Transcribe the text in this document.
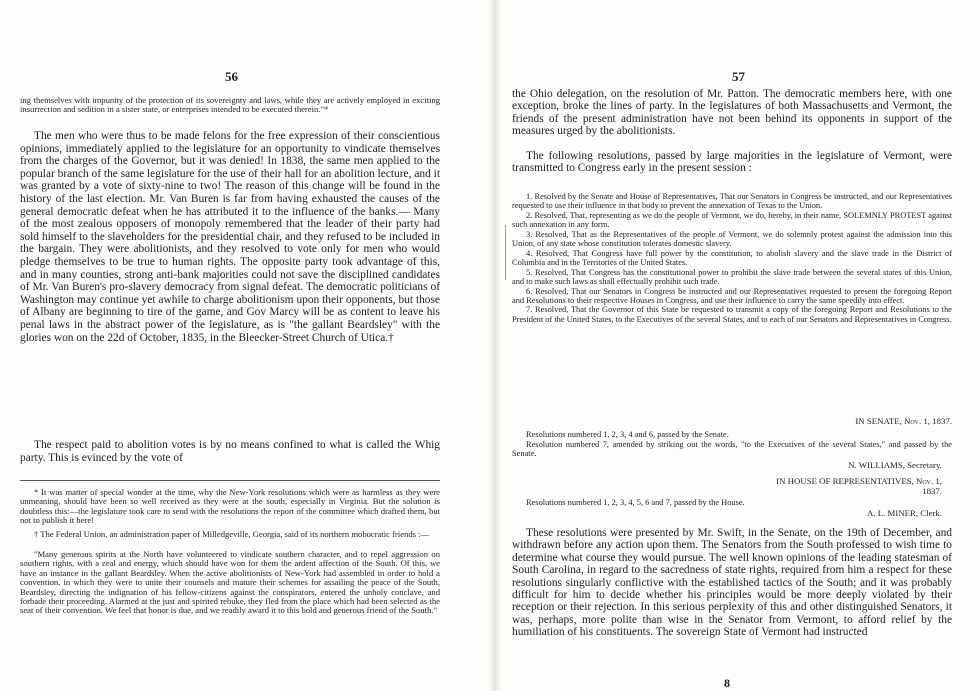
56

ing themselves with impunity of the protection of its sovereignty and laws, while they are actively employed in exciting insurrection and sedition in a sister state, or enterprises intended to be executed therein."*

The men who were thus to be made felons for the free expression of their conscientious opinions, immediately applied to the legislature for an opportunity to vindicate themselves from the charges of the Governor, but it was denied! In 1838, the same men applied to the popular branch of the same legislature for the use of their hall for an abolition lecture, and it was granted by a vote of sixty-nine to two! The reason of this change will be found in the history of the last election. Mr. Van Buren is far from having exhausted the causes of the general democratic defeat when he has attributed it to the influence of the banks.— Many of the most zealous opposers of monopoly remembered that the leader of their party had sold himself to the slaveholders for the presidential chair, and they refused to be included in the bargain. They were abolitionists, and they resolved to vote only for men who would pledge themselves to be true to human rights. The opposite party took advantage of this, and in many counties, strong anti-bank majorities could not save the disciplined candidates of Mr. Van Buren's pro-slavery democracy from signal defeat. The democratic politicians of Washington may continue yet awhile to charge abolitionism upon their opponents, but those of Albany are beginning to tire of the game, and Gov Marcy will be as content to leave his penal laws in the abstract power of the legislature, as is "the gallant Beardsley" with the glories won on the 22d of October, 1835, in the Bleecker-Street Church of Utica.†

The respect paid to abolition votes is by no means confined to what is called the Whig party. This is evinced by the vote of

* It was matter of special wonder at the time, why the New-York resolutions which were as harmless as they were unmeaning, should have been so well received as they were at the south, especially in Virginia. But the solution is doubtless this:—the legislature took care to send with the resolutions the report of the committee which drafted them, but not to publish it here!

† The Federal Union, an administration paper of Milledgeville, Georgia, said of its northern mobocratic friends :—

"Many generous spirits at the North have volunteered to vindicate southern character, and to repel aggression on southern rights, with a zeal and energy, which should have won for them the ardent affection of the South. Of this, we have an instance in the gallant Beardsley. When the active abolitionists of New-York had assembled in order to hold a convention, in which they were to unite their counsels and mature their schemes for assailing the peace of the South, Beardsley, directing the indignation of his fellow-citizens against the conspirators, entered the unholy conclave, and forbade their proceeding. Alarmed at the just and spirited rebuke, they fled from the place which had been selected as the seat of their convention. We feel that honor is due, and we readily award it to this bold and generous friend of the South."

57

the Ohio delegation, on the resolution of Mr. Patton. The democratic members here, with one exception, broke the lines of party. In the legislatures of both Massachusetts and Vermont, the friends of the present administration have not been behind its opponents in support of the measures urged by the abolitionists.

The following resolutions, passed by large majorities in the legislature of Vermont, were transmitted to Congress early in the present session :

1. Resolved by the Senate and House of Representatives, That our Senators in Congress be instructed, and our Representatives requested to use their influence in that body to prevent the annexation of Texas to the Union.

2. Resolved, That, representing as we do the people of Vermont, we do, hereby, in their name, SOLEMNLY PROTEST against such annexation in any form.

3. Resolved, That as the Representatives of the people of Vermont, we do solemnly protest against the admission into this Union, of any state whose constitution tolerates domestic slavery.

4. Resolved, That Congress have full power by the constitution, to abolish slavery and the slave trade in the District of Columbia and in the Territories of the United States.

5. Resolved, That Congress has the constitutional power to prohibit the slave trade between the several states of this Union, and to make such laws as shall effectually prohibit such trade.

6. Resolved, That our Senators in Congress be instructed and our Representatives requested to present the foregoing Report and Resolutions to their respective Houses in Congress, and use their influence to carry the same speedily into effect.

7. Resolved, That the Governor of this State be requested to transmit a copy of the foregoing Report and Resolutions to the President of the United States, to the Executives of the several States, and to each of our Senators and Representatives in Congress.

IN SENATE, Nov. 1, 1837.

Resolutions numbered 1, 2, 3, 4 and 6, passed by the Senate.

Resolution numbered 7, amended by striking out the words, "to the Executives of the several States," and passed by the Senate.

N. WILLIAMS, Secretary.
IN HOUSE OF REPRESENTATIVES, Nov. 1, 1837.

Resolutions numbered 1, 2, 3, 4, 5, 6 and 7, passed by the House.

A. L. MINER, Clerk.

These resolutions were presented by Mr. Swift, in the Senate, on the 19th of December, and withdrawn before any action upon them. The Senators from the South professed to wish time to determine what course they would pursue. The well known opinions of the leading statesman of South Carolina, in regard to the sacredness of state rights, required from him a respect for these resolutions singularly conflictive with the established tactics of the South; and it was probably difficult for him to decide whether his principles would be more deeply violated by their reception or their rejection. In this serious perplexity of this and other distinguished Senators, it was, perhaps, more polite than wise in the Senator from Vermont, to afford relief by the humiliation of his constituents. The sovereign State of Vermont had instructed

8
